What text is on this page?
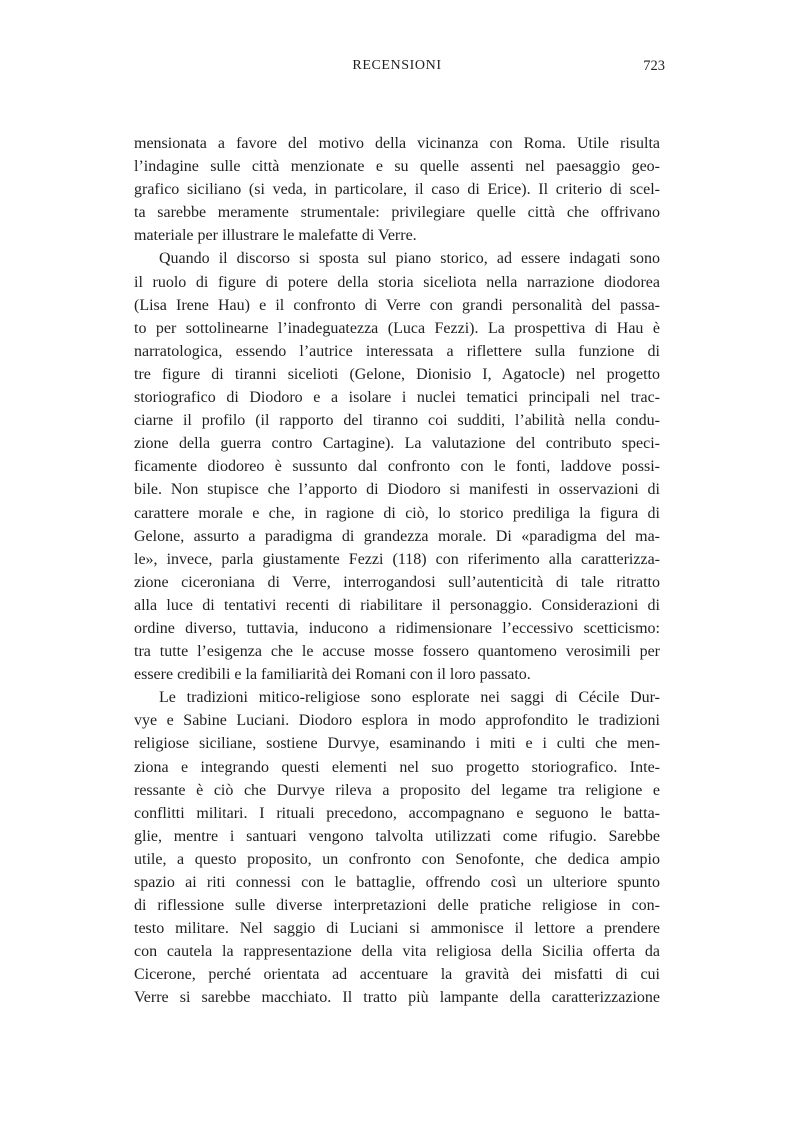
RECENSIONI	723
mensionata a favore del motivo della vicinanza con Roma. Utile risulta
l’indagine sulle città menzionate e su quelle assenti nel paesaggio geo-
grafico siciliano (si veda, in particolare, il caso di Erice). Il criterio di scel-
ta sarebbe meramente strumentale: privilegiare quelle città che offrivano
materiale per illustrare le malefatte di Verre.
Quando il discorso si sposta sul piano storico, ad essere indagati sono
il ruolo di figure di potere della storia siceliota nella narrazione diodorea
(Lisa Irene Hau) e il confronto di Verre con grandi personalità del passa-
to per sottolinearne l’inadeguatezza (Luca Fezzi). La prospettiva di Hau è
narratologica, essendo l’autrice interessata a riflettere sulla funzione di
tre figure di tiranni sicelioti (Gelone, Dionisio I, Agatocle) nel progetto
storiografico di Diodoro e a isolare i nuclei tematici principali nel trac-
ciarne il profilo (il rapporto del tiranno coi sudditi, l’abilità nella condu-
zione della guerra contro Cartagine). La valutazione del contributo speci-
ficamente diodoreo è sussunto dal confronto con le fonti, laddove possi-
bile. Non stupisce che l’apporto di Diodoro si manifesti in osservazioni di
carattere morale e che, in ragione di ciò, lo storico prediliga la figura di
Gelone, assurto a paradigma di grandezza morale. Di «paradigma del ma-
le», invece, parla giustamente Fezzi (118) con riferimento alla caratterizza-
zione ciceroniana di Verre, interrogandosi sull’autenticità di tale ritratto
alla luce di tentativi recenti di riabilitare il personaggio. Considerazioni di
ordine diverso, tuttavia, inducono a ridimensionare l’eccessivo scetticismo:
tra tutte l’esigenza che le accuse mosse fossero quantomeno verosimili per
essere credibili e la familiarità dei Romani con il loro passato.
Le tradizioni mitico-religiose sono esplorate nei saggi di Cécile Dur-
vye e Sabine Luciani. Diodoro esplora in modo approfondito le tradizioni
religiose siciliane, sostiene Durvye, esaminando i miti e i culti che men-
ziona e integrando questi elementi nel suo progetto storiografico. Inte-
ressante è ciò che Durvye rileva a proposito del legame tra religione e
conflitti militari. I rituali precedono, accompagnano e seguono le batta-
glie, mentre i santuari vengono talvolta utilizzati come rifugio. Sarebbe
utile, a questo proposito, un confronto con Senofonte, che dedica ampio
spazio ai riti connessi con le battaglie, offrendo così un ulteriore spunto
di riflessione sulle diverse interpretazioni delle pratiche religiose in con-
testo militare. Nel saggio di Luciani si ammonisce il lettore a prendere
con cautela la rappresentazione della vita religiosa della Sicilia offerta da
Cicerone, perché orientata ad accentuare la gravità dei misfatti di cui
Verre si sarebbe macchiato. Il tratto più lampante della caratterizzazione
